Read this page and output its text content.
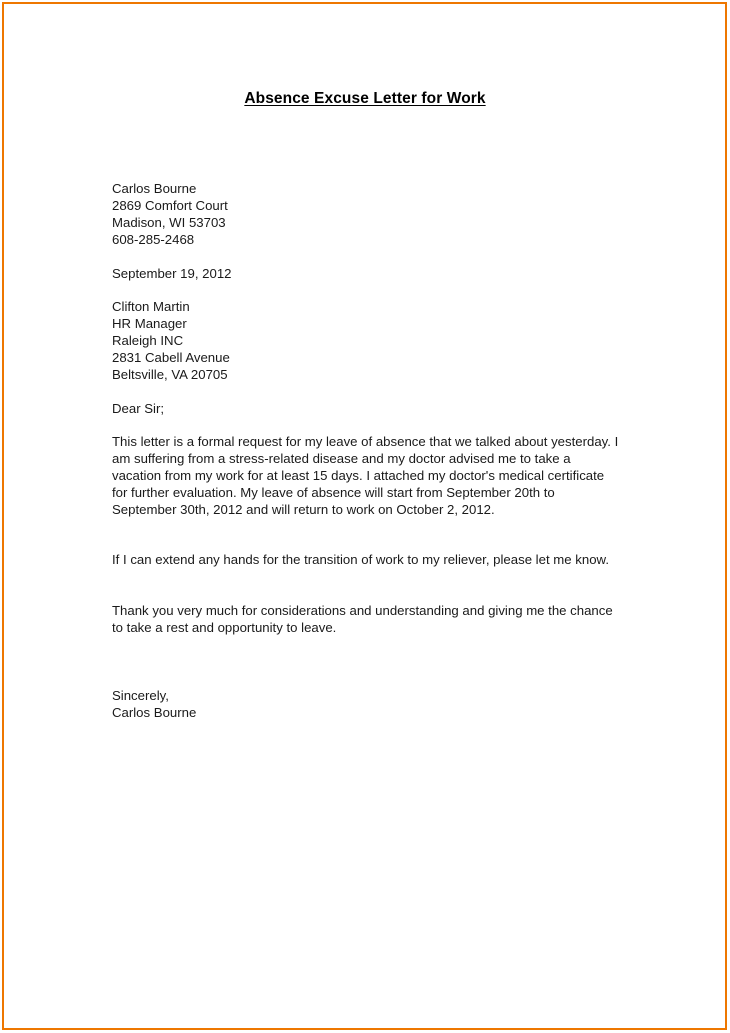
Absence Excuse Letter for Work
Carlos Bourne
2869 Comfort Court
Madison, WI 53703
608-285-2468
September 19, 2012
Clifton Martin
HR Manager
Raleigh INC
2831 Cabell Avenue
Beltsville, VA 20705
Dear Sir;
This letter is a formal request for my leave of absence that we talked about yesterday. I am suffering from a stress-related disease and my doctor advised me to take a vacation from my work for at least 15 days. I attached my doctor's medical certificate for further evaluation. My leave of absence will start from September 20th to September 30th, 2012 and will return to work on October 2, 2012.
If I can extend any hands for the transition of work to my reliever, please let me know.
Thank you very much for considerations and understanding and giving me the chance to take a rest and opportunity to leave.
Sincerely,
Carlos Bourne
